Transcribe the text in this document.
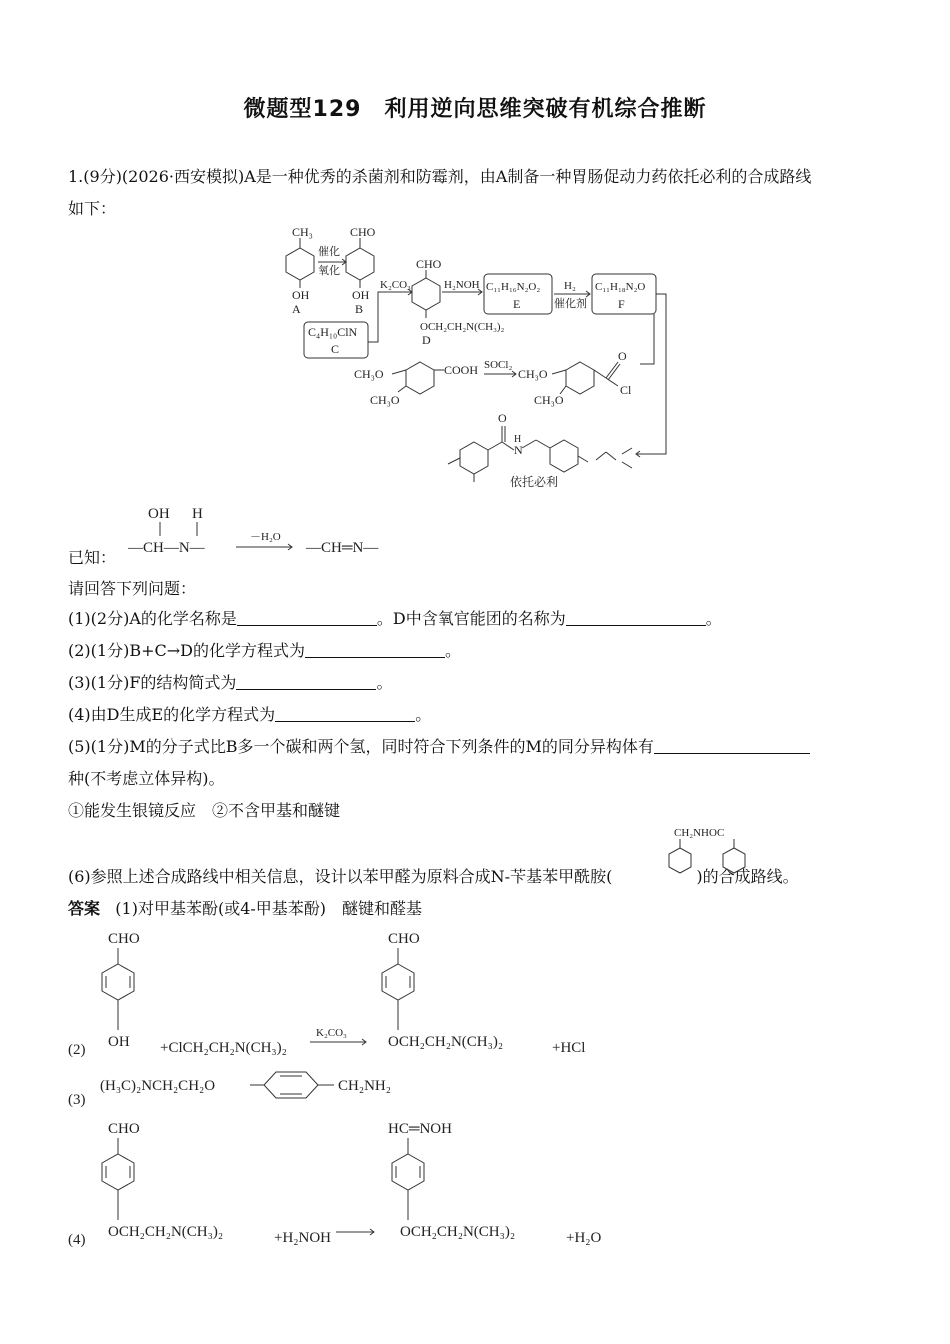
微题型129　利用逆向思维突破有机综合推断
1.(9分)(2026·西安模拟)A是一种优秀的杀菌剂和防霉剂，由A制备一种胃肠促动力药依托必利的合成路线
如下：
CH₃
OH
A
催化
氧化
CHO
OH
B
C₄H₁₀ClN
C
K₂CO₃
CHO
OCH₂CH₂N(CH₃)₂
D
H₂NOH C₁₁H₁₆N₂O₂
E
H₂
催化剂
C₁₁H₁₈N₂O
F
CH₃O
CH₃O
COOH SOCl₂
CH₃O
CH₃O
O
Cl
O
N
H
依托必利
已知：
OH H
—CH—N—
－H₂O
—CH═N—
请回答下列问题：
(1)(2分)A的化学名称是	。D中含氧官能团的名称为	。
(2)(1分)B+C→D的化学方程式为	。
(3)(1分)F的结构简式为	。
(4)由D生成E的化学方程式为	。
(5)(1分)M的分子式比B多一个碳和两个氢，同时符合下列条件的M的同分异构体有
种(不考虑立体异构)。
①能发生银镜反应　②不含甲基和醚键
(6)参照上述合成路线中相关信息，设计以苯甲醛为原料合成N-苄基苯甲酰胺(	)的合成路线。
CH₂NHOC
答案 (1)对甲基苯酚(或4-甲基苯酚)　醚键和醛基
(2)
CHO
OH +ClCH₂CH₂N(CH₃)₂
K₂CO₃
CHO
OCH₂CH₂N(CH₃)₂	+HCl
(3)
(H₃C)₂NCH₂CH₂O	CH₂NH₂
(4)
CHO
OCH₂CH₂N(CH₃)₂	+H₂NOH
HC═NOH
OCH₂CH₂N(CH₃)₂	+H₂O
